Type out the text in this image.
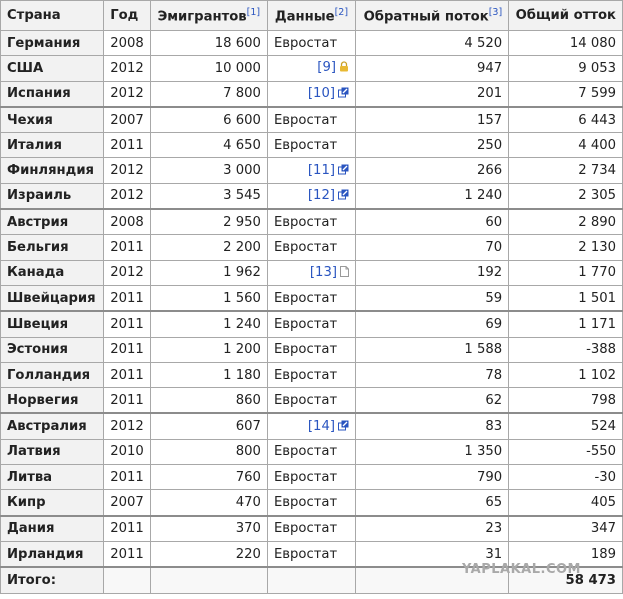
Страна	Год	Эмигрантов[1]	Данные[2]	Обратный поток[3]	Общий отток
Германия	2008	18 600	Евростат	4 520	14 080
США	2012	10 000	[9]	947	9 053
Испания	2012	7 800	[10]	201	7 599
Чехия	2007	6 600	Евростат	157	6 443
Италия	2011	4 650	Евростат	250	4 400
Финляндия	2012	3 000	[11]	266	2 734
Израиль	2012	3 545	[12]	1 240	2 305
Австрия	2008	2 950	Евростат	60	2 890
Бельгия	2011	2 200	Евростат	70	2 130
Канада	2012	1 962	[13]	192	1 770
Швейцария	2011	1 560	Евростат	59	1 501
Швеция	2011	1 240	Евростат	69	1 171
Эстония	2011	1 200	Евростат	1 588	-388
Голландия	2011	1 180	Евростат	78	1 102
Норвегия	2011	860	Евростат	62	798
Австралия	2012	607	[14]	83	524
Латвия	2010	800	Евростат	1 350	-550
Литва	2011	760	Евростат	790	-30
Кипр	2007	470	Евростат	65	405
Дания	2011	370	Евростат	23	347
Ирландия	2011	220	Евростат	31	189
Итого:					58 473
YAPLAKAL.COM
